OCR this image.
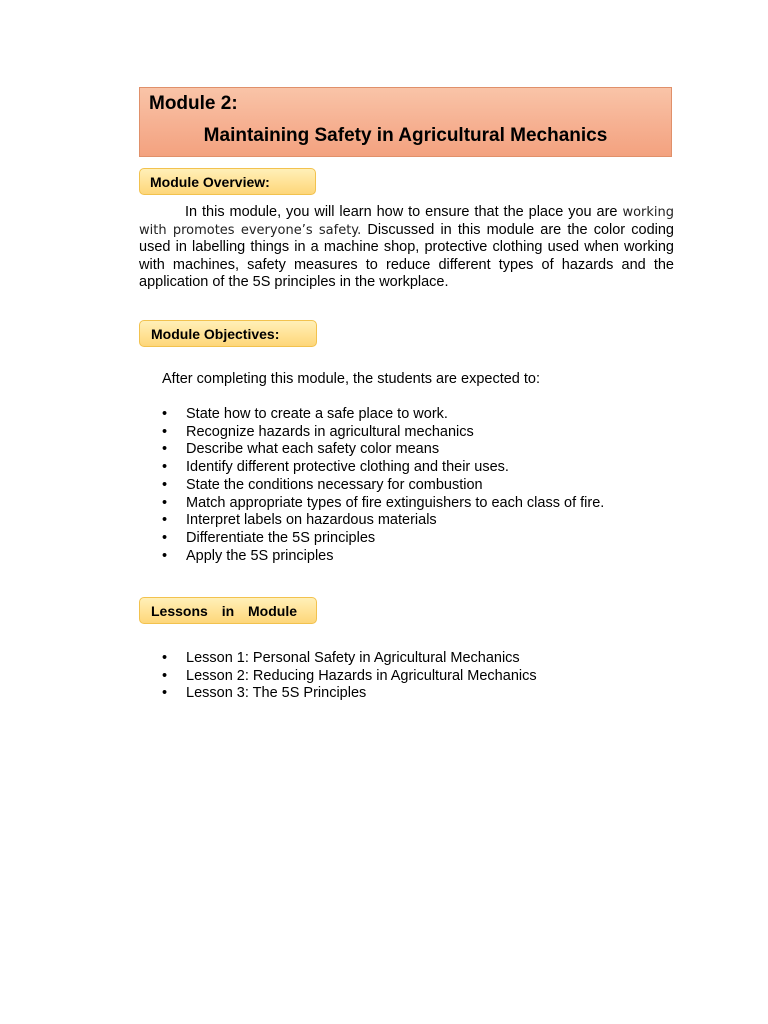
Module 2:
Maintaining Safety in Agricultural Mechanics
Module Overview:
In this module, you will learn how to ensure that the place you are working with promotes everyone’s safety. Discussed in this module are the color coding used in labelling things in a machine shop, protective clothing used when working with machines, safety measures to reduce different types of hazards and the application of the 5S principles in the workplace.
Module Objectives:
After completing this module, the students are expected to:
• State how to create a safe place to work.
• Recognize hazards in agricultural mechanics
• Describe what each safety color means
• Identify different protective clothing and their uses.
• State the conditions necessary for combustion
• Match appropriate types of fire extinguishers to each class of fire.
• Interpret labels on hazardous materials
• Differentiate the 5S principles
• Apply the 5S principles
Lessons in Module
• Lesson 1: Personal Safety in Agricultural Mechanics
• Lesson 2: Reducing Hazards in Agricultural Mechanics
• Lesson 3: The 5S Principles
